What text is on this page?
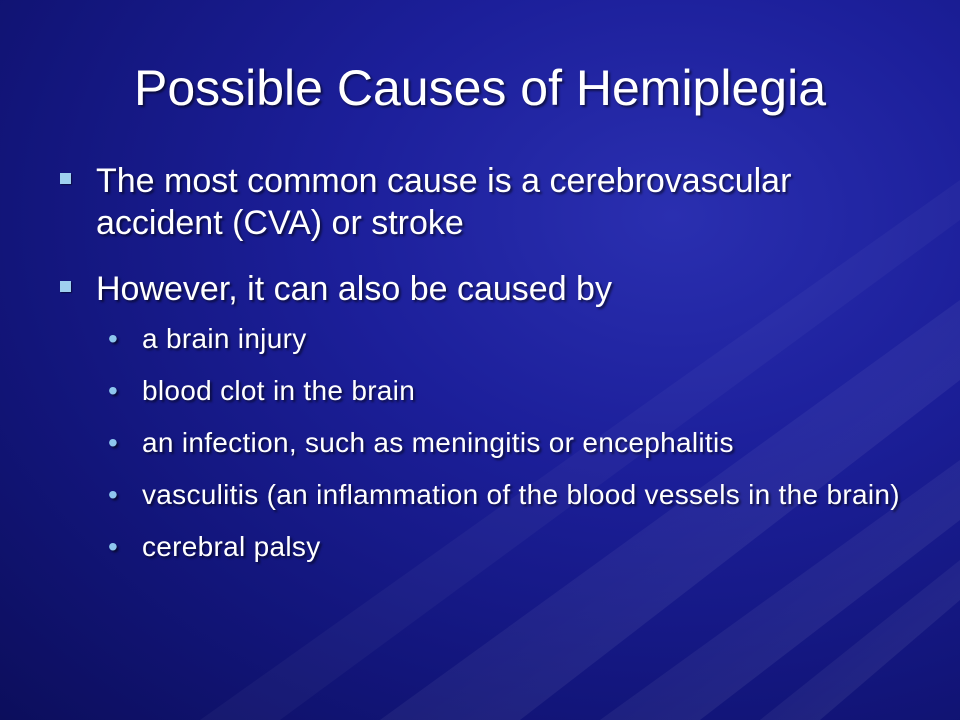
Possible Causes of Hemiplegia
The most common cause is a cerebrovascular accident (CVA) or stroke
However, it can also be caused by
• a brain injury
• blood clot in the brain
• an infection, such as meningitis or encephalitis
• vasculitis (an inflammation of the blood vessels in the brain)
• cerebral palsy
